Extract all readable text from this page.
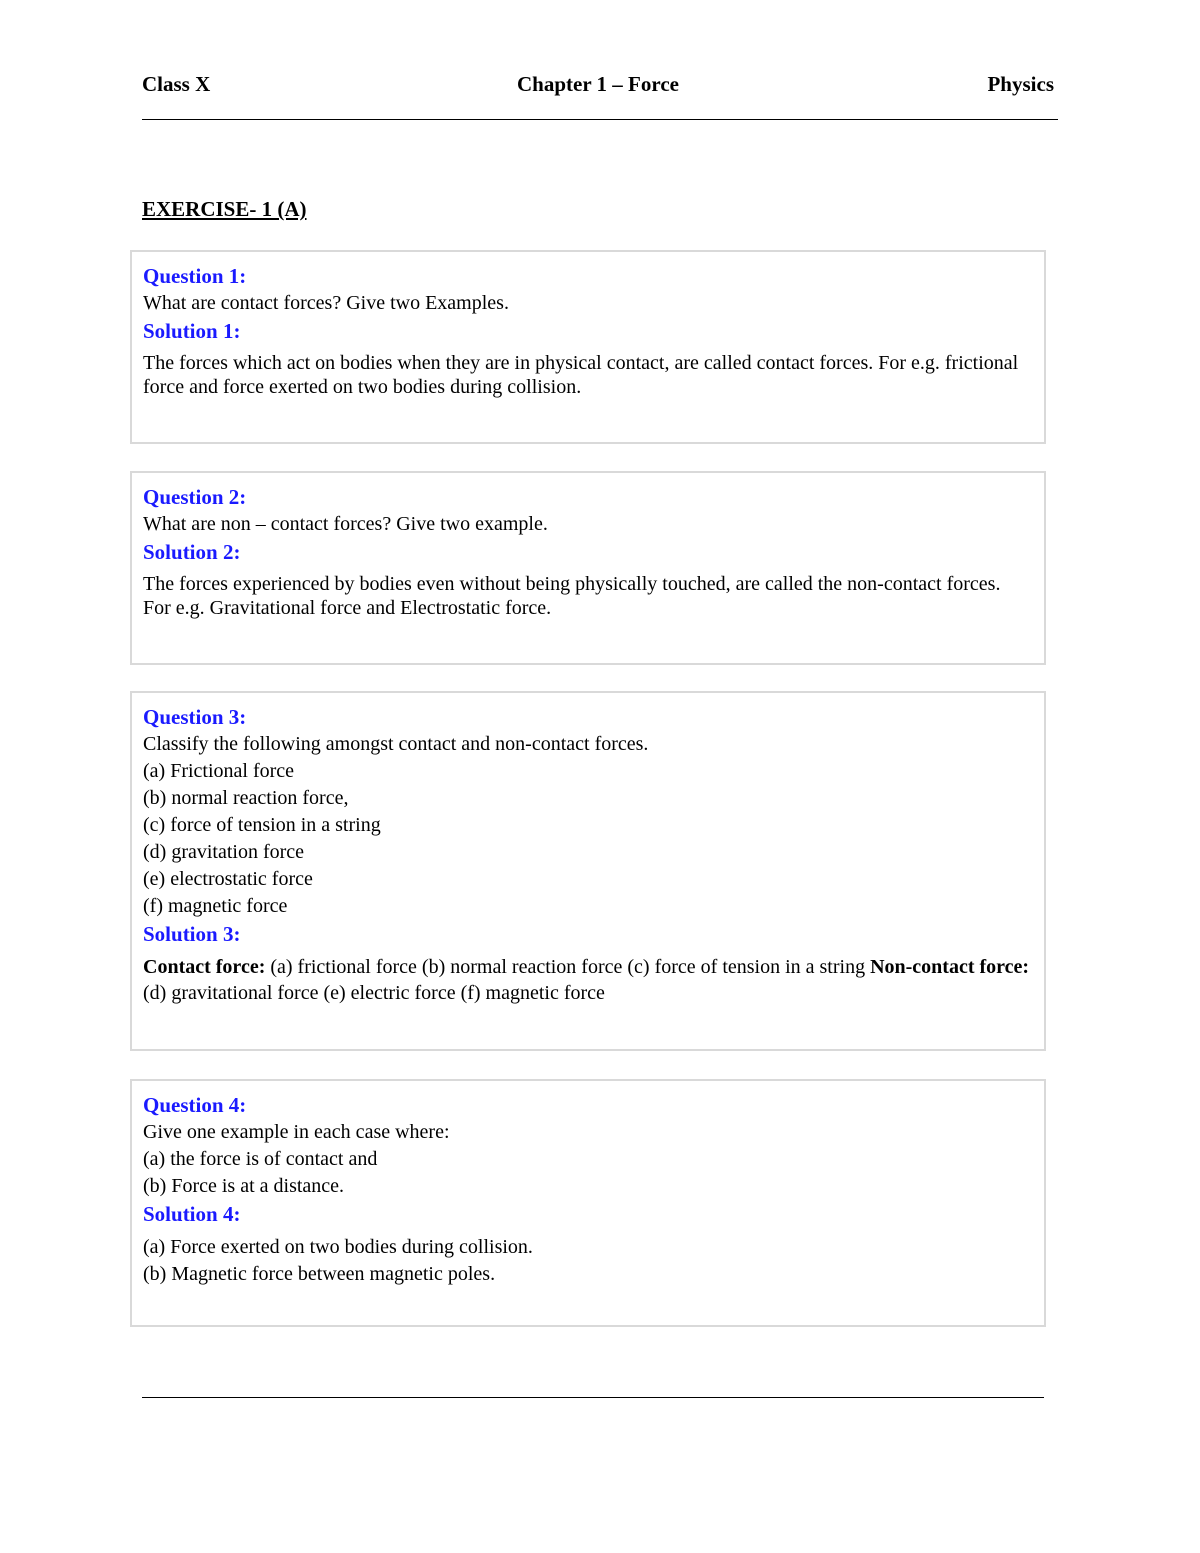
Class X	Chapter 1 – Force	Physics
EXERCISE- 1 (A)
Question 1:
What are contact forces? Give two Examples.
Solution 1:
The forces which act on bodies when they are in physical contact, are called contact forces. For e.g. frictional force and force exerted on two bodies during collision.
Question 2:
What are non – contact forces? Give two example.
Solution 2:
The forces experienced by bodies even without being physically touched, are called the non-contact forces. For e.g. Gravitational force and Electrostatic force.
Question 3:
Classify the following amongst contact and non-contact forces.
(a) Frictional force
(b) normal reaction force,
(c) force of tension in a string
(d) gravitation force
(e) electrostatic force
(f) magnetic force
Solution 3:
Contact force: (a) frictional force (b) normal reaction force (c) force of tension in a string Non-contact force: (d) gravitational force (e) electric force (f) magnetic force
Question 4:
Give one example in each case where:
(a) the force is of contact and
(b) Force is at a distance.
Solution 4:
(a) Force exerted on two bodies during collision.
(b) Magnetic force between magnetic poles.
